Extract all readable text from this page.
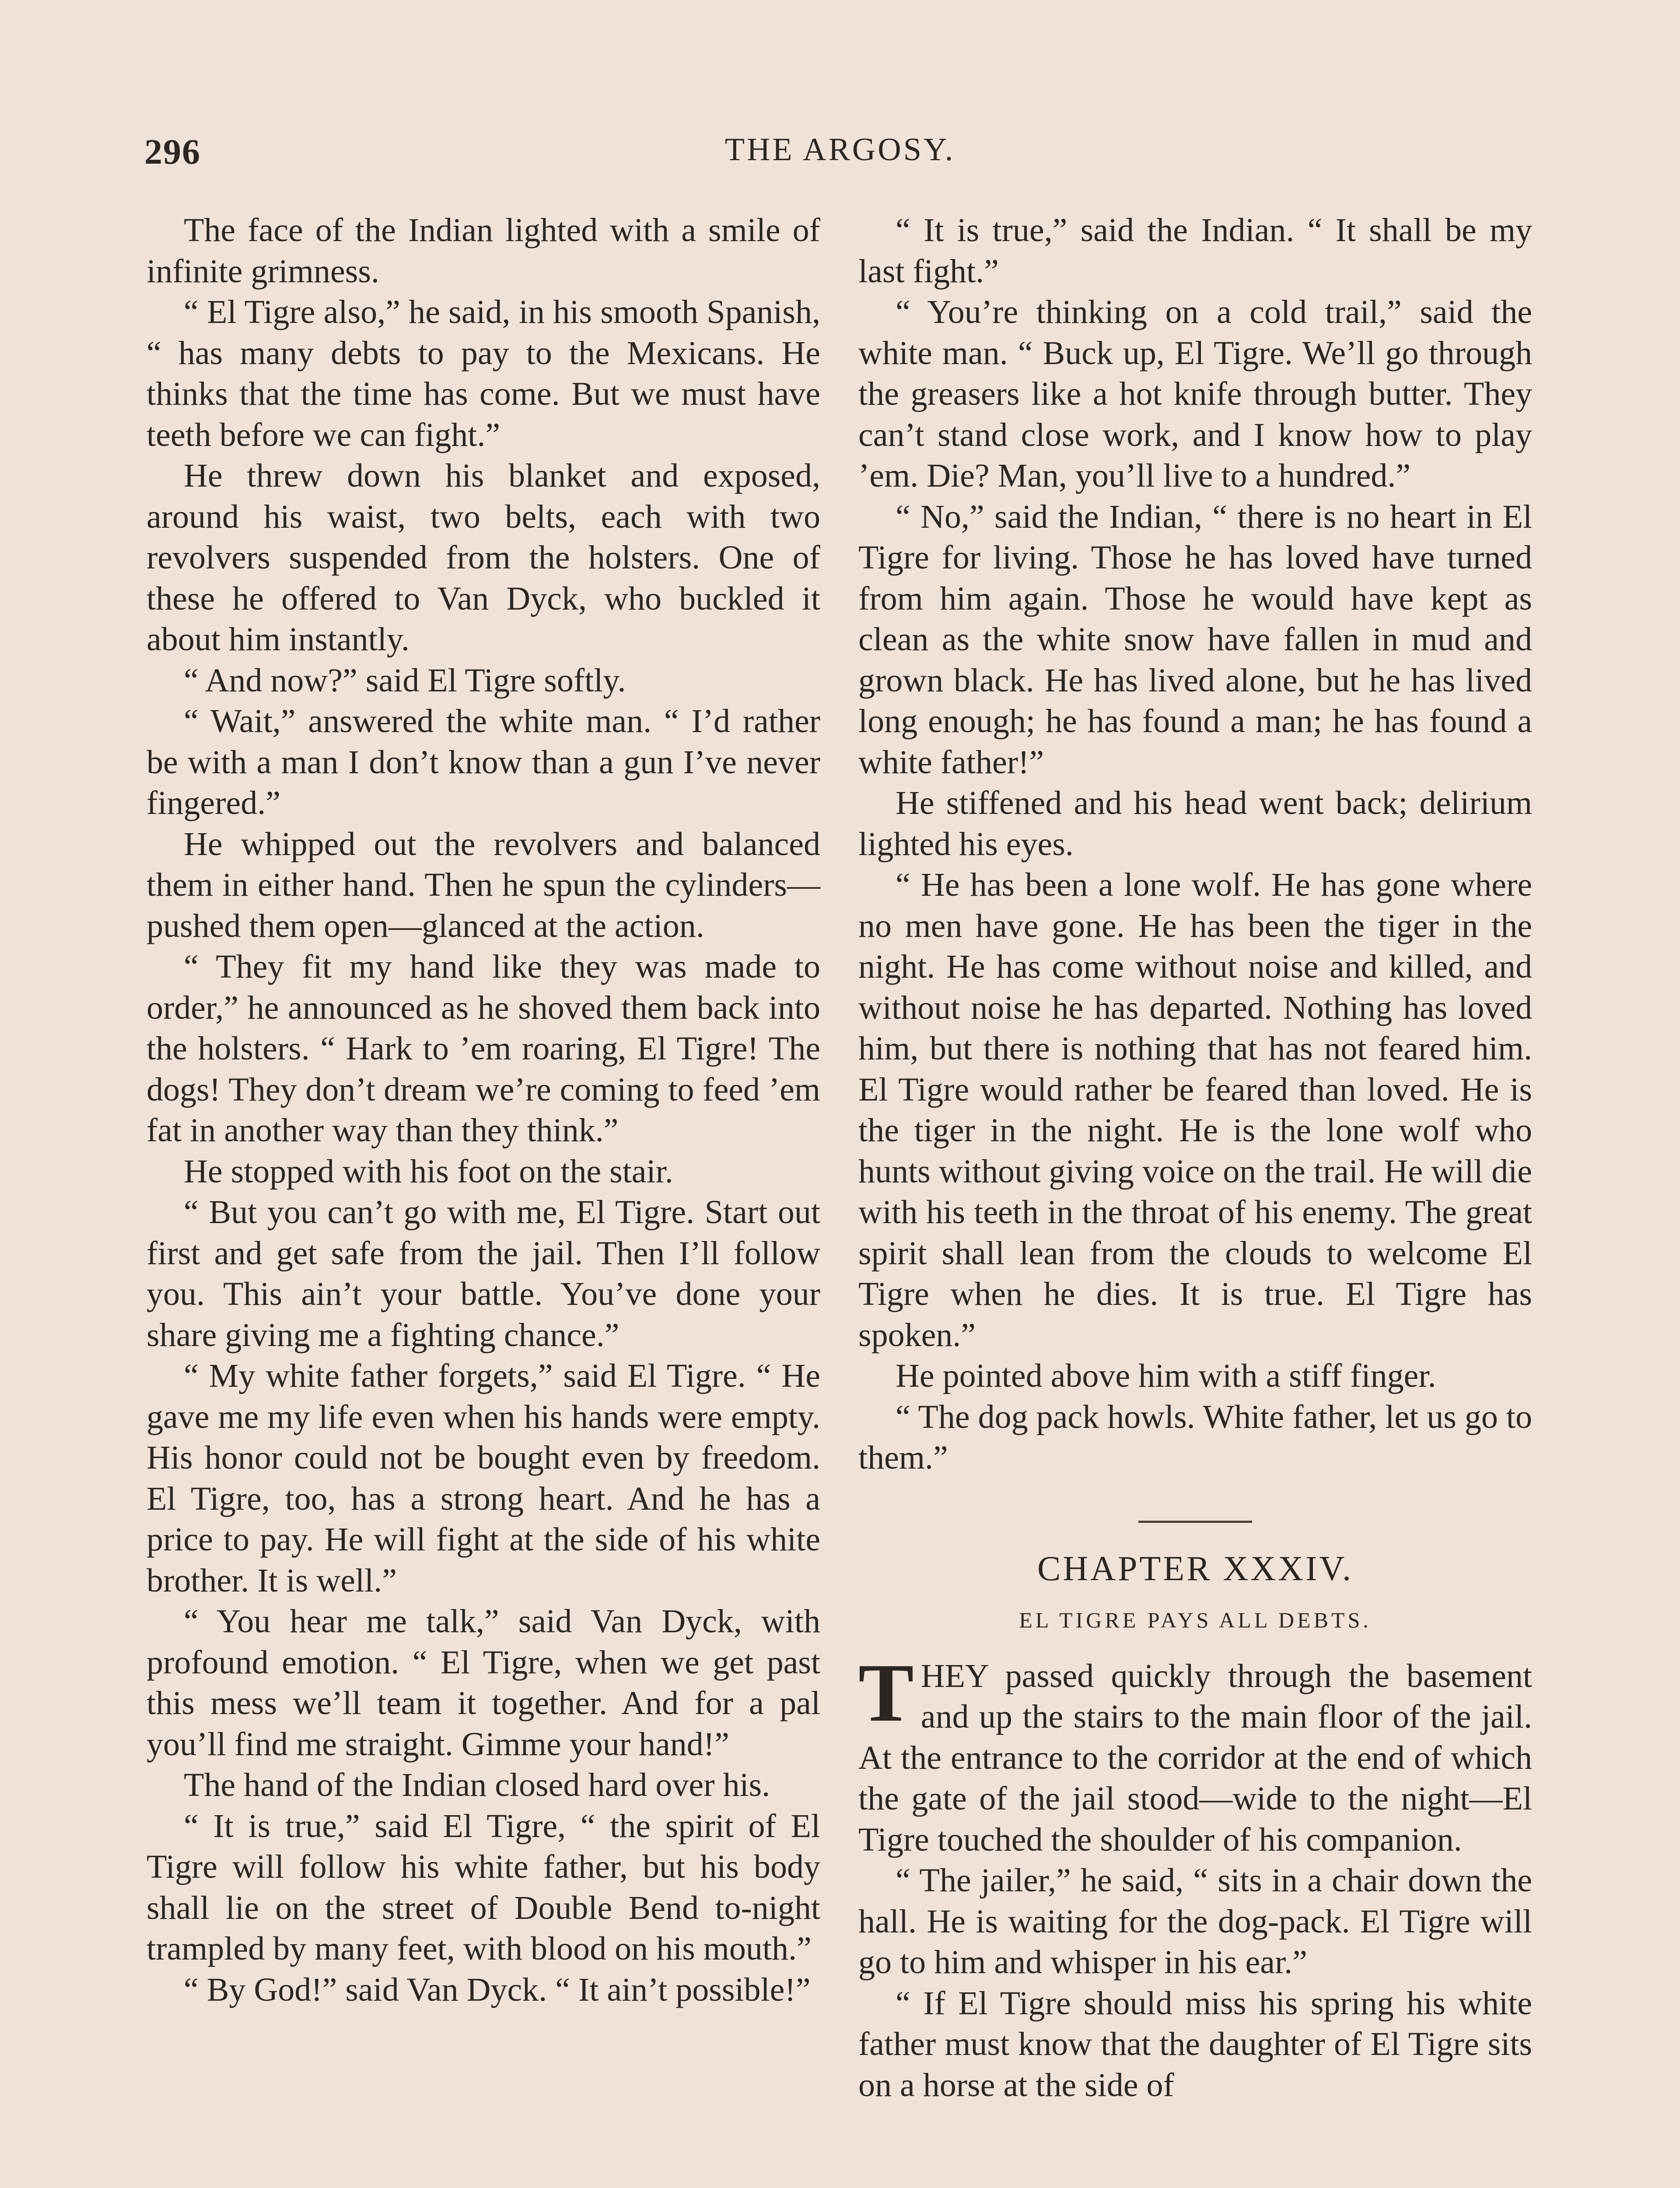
296	THE ARGOSY.

The face of the Indian lighted with a smile of infinite grimness.

“ El Tigre also,” he said, in his smooth Spanish, “ has many debts to pay to the Mexicans. He thinks that the time has come. But we must have teeth before we can fight.”

He threw down his blanket and exposed, around his waist, two belts, each with two revolvers suspended from the holsters. One of these he offered to Van Dyck, who buckled it about him instantly.

“ And now?” said El Tigre softly.

“ Wait,” answered the white man. “ I’d rather be with a man I don’t know than a gun I’ve never fingered.”

He whipped out the revolvers and balanced them in either hand. Then he spun the cylinders—pushed them open—glanced at the action.

“ They fit my hand like they was made to order,” he announced as he shoved them back into the holsters. “ Hark to ’em roaring, El Tigre! The dogs! They don’t dream we’re coming to feed ’em fat in another way than they think.”

He stopped with his foot on the stair.

“ But you can’t go with me, El Tigre. Start out first and get safe from the jail. Then I’ll follow you. This ain’t your battle. You’ve done your share giving me a fighting chance.”

“ My white father forgets,” said El Tigre. “ He gave me my life even when his hands were empty. His honor could not be bought even by freedom. El Tigre, too, has a strong heart. And he has a price to pay. He will fight at the side of his white brother. It is well.”

“ You hear me talk,” said Van Dyck, with profound emotion. “ El Tigre, when we get past this mess we’ll team it together. And for a pal you’ll find me straight. Gimme your hand!”

The hand of the Indian closed hard over his.

“ It is true,” said El Tigre, “ the spirit of El Tigre will follow his white father, but his body shall lie on the street of Double Bend to-night trampled by many feet, with blood on his mouth.”

“ By God!” said Van Dyck. “ It ain’t possible!”

“ It is true,” said the Indian. “ It shall be my last fight.”

“ You’re thinking on a cold trail,” said the white man. “ Buck up, El Tigre. We’ll go through the greasers like a hot knife through butter. They can’t stand close work, and I know how to play ’em. Die? Man, you’ll live to a hundred.”

“ No,” said the Indian, “ there is no heart in El Tigre for living. Those he has loved have turned from him again. Those he would have kept as clean as the white snow have fallen in mud and grown black. He has lived alone, but he has lived long enough; he has found a man; he has found a white father!”

He stiffened and his head went back; delirium lighted his eyes.

“ He has been a lone wolf. He has gone where no men have gone. He has been the tiger in the night. He has come without noise and killed, and without noise he has departed. Nothing has loved him, but there is nothing that has not feared him. El Tigre would rather be feared than loved. He is the tiger in the night. He is the lone wolf who hunts without giving voice on the trail. He will die with his teeth in the throat of his enemy. The great spirit shall lean from the clouds to welcome El Tigre when he dies. It is true. El Tigre has spoken.”

He pointed above him with a stiff finger.

“ The dog pack howls. White father, let us go to them.”

CHAPTER XXXIV.
EL TIGRE PAYS ALL DEBTS.

THEY passed quickly through the basement and up the stairs to the main floor of the jail. At the entrance to the corridor at the end of which the gate of the jail stood—wide to the night—El Tigre touched the shoulder of his companion.

“ The jailer,” he said, “ sits in a chair down the hall. He is waiting for the dog-pack. El Tigre will go to him and whisper in his ear.”

“ If El Tigre should miss his spring his white father must know that the daughter of El Tigre sits on a horse at the side of
